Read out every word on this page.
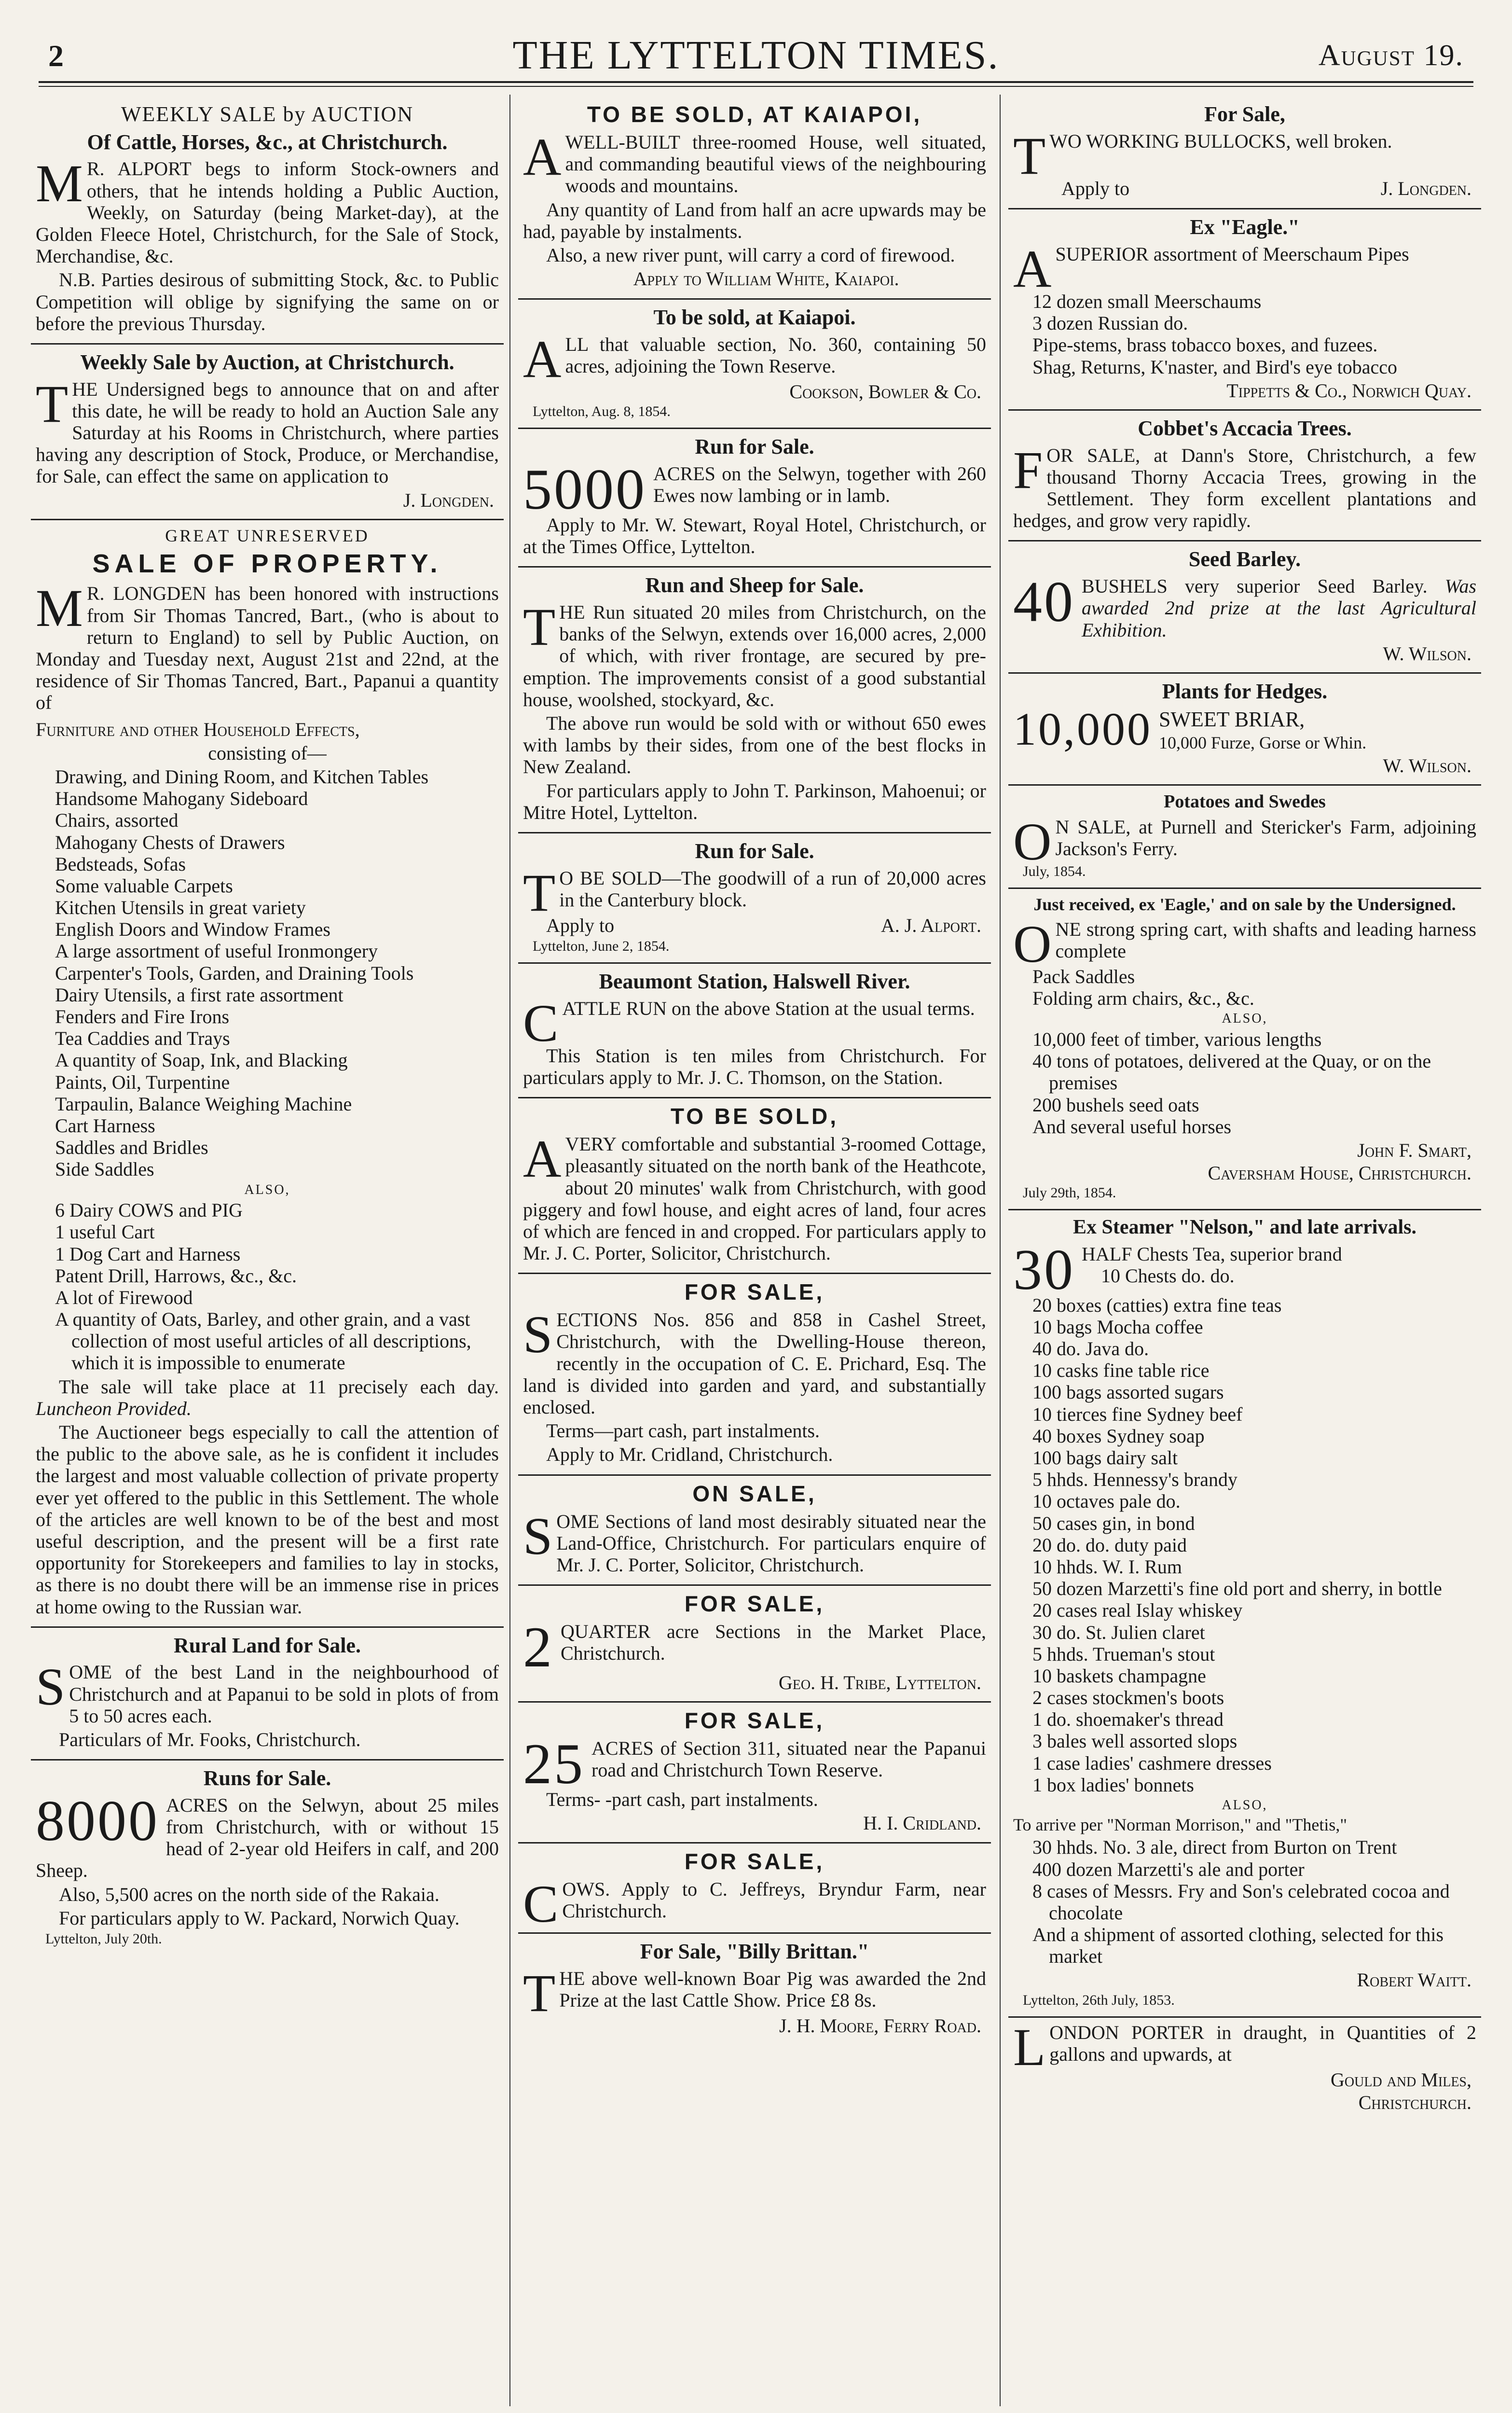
2	THE LYTTELTON TIMES.	August 19.
WEEKLY SALE by AUCTION
Of Cattle, Horses, &c., at Christchurch.

M R. ALPORT begs to inform Stock-owners and others, that he intends holding a Public Auction, Weekly, on Saturday (being Market-day), at the Golden Fleece Hotel, Christchurch, for the Sale of Stock, Merchandise, &c.

N.B. Parties desirous of submitting Stock, &c. to Public Competition will oblige by signifying the same on or before the previous Thursday.

Weekly Sale by Auction, at Christchurch.

THE Undersigned begs to announce that on and after this date, he will be ready to hold an Auction Sale any Saturday at his Rooms in Christchurch, where parties having any description of Stock, Produce, or Merchandise, for Sale, can effect the same on application to

J. Longden.
GREAT UNRESERVED
SALE OF PROPERTY.

M R. LONGDEN has been honored with instructions from Sir Thomas Tancred, Bart., (who is about to return to England) to sell by Public Auction, on Monday and Tuesday next, August 21st and 22nd, at the residence of Sir Thomas Tancred, Bart., Papanui a quantity of

Furniture and other Household Effects,

consisting of—

Drawing, and Dining Room, and Kitchen Tables
Handsome Mahogany Sideboard
Chairs, assorted
Mahogany Chests of Drawers
Bedsteads, Sofas
Some valuable Carpets
Kitchen Utensils in great variety
English Doors and Window Frames
A large assortment of useful Ironmongery
Carpenter's Tools, Garden, and Draining Tools
Dairy Utensils, a first rate assortment
Fenders and Fire Irons
Tea Caddies and Trays
A quantity of Soap, Ink, and Blacking
Paints, Oil, Turpentine
Tarpaulin, Balance Weighing Machine
Cart Harness
Saddles and Bridles
Side Saddles
ALSO,
6 Dairy COWS and PIG
1 useful Cart
1 Dog Cart and Harness
Patent Drill, Harrows, &c., &c.
A lot of Firewood
A quantity of Oats, Barley, and other grain, and a vast collection of most useful articles of all descriptions, which it is impossible to enumerate

The sale will take place at 11 precisely each day. Luncheon Provided.

The Auctioneer begs especially to call the attention of the public to the above sale, as he is confident it includes the largest and most valuable collection of private property ever yet offered to the public in this Settlement. The whole of the articles are well known to be of the best and most useful description, and the present will be a first rate opportunity for Storekeepers and families to lay in stocks, as there is no doubt there will be an immense rise in prices at home owing to the Russian war.

Rural Land for Sale.

SOME of the best Land in the neighbourhood of Christchurch and at Papanui to be sold in plots of from 5 to 50 acres each.

Particulars of Mr. Fooks, Christchurch.

Runs for Sale.

8000 ACRES on the Selwyn, about 25 miles from Christchurch, with or without 15 head of 2-year old Heifers in calf, and 200 Sheep.

Also, 5,500 acres on the north side of the Rakaia.

For particulars apply to W. Packard, Norwich Quay.

Lyttelton, July 20th.
TO BE SOLD, AT KAIAPOI,

AWELL-BUILT three-roomed House, well situated, and commanding beautiful views of the neighbouring woods and mountains.

Any quantity of Land from half an acre upwards may be had, payable by instalments.

Also, a new river punt, will carry a cord of firewood.

Apply to William White, Kaiapoi.

To be sold, at Kaiapoi.

ALL that valuable section, No. 360, containing 50 acres, adjoining the Town Reserve.

Cookson, Bowler & Co.
Lyttelton, Aug. 8, 1854.
Run for Sale.

5000 ACRES on the Selwyn, together with 260 Ewes now lambing or in lamb.

Apply to Mr. W. Stewart, Royal Hotel, Christchurch, or at the Times Office, Lyttelton.

Run and Sheep for Sale.

THE Run situated 20 miles from Christchurch, on the banks of the Selwyn, extends over 16,000 acres, 2,000 of which, with river frontage, are secured by pre-emption. The improvements consist of a good substantial house, woolshed, stockyard, &c.

The above run would be sold with or without 650 ewes with lambs by their sides, from one of the best flocks in New Zealand.

For particulars apply to John T. Parkinson, Mahoenui; or Mitre Hotel, Lyttelton.

Run for Sale.

T O BE SOLD—The goodwill of a run of 20,000 acres in the Canterbury block.

Apply to	A. J. Alport.

Lyttelton, June 2, 1854.
Beaumont Station, Halswell River.

CATTLE RUN on the above Station at the usual terms.

This Station is ten miles from Christchurch. For particulars apply to Mr. J. C. Thomson, on the Station.

TO BE SOLD,

AVERY comfortable and substantial 3-roomed Cottage, pleasantly situated on the north bank of the Heathcote, about 20 minutes' walk from Christchurch, with good piggery and fowl house, and eight acres of land, four acres of which are fenced in and cropped. For particulars apply to Mr. J. C. Porter, Solicitor, Christchurch.

FOR SALE,

SECTIONS Nos. 856 and 858 in Cashel Street, Christchurch, with the Dwelling-House thereon, recently in the occupation of C. E. Prichard, Esq. The land is divided into garden and yard, and substantially enclosed.

Terms—part cash, part instalments.

Apply to Mr. Cridland, Christchurch.

ON SALE,

SOME Sections of land most desirably situated near the Land-Office, Christchurch. For particulars enquire of Mr. J. C. Porter, Solicitor, Christchurch.

FOR SALE,

2 QUARTER acre Sections in the Market Place, Christchurch.

Geo. H. Tribe, Lyttelton.
FOR SALE,

25 ACRES of Section 311, situated near the Papanui road and Christchurch Town Reserve.

Terms- -part cash, part instalments.

H. I. Cridland.
FOR SALE,

COWS. Apply to C. Jeffreys, Bryndur Farm, near Christchurch.

For Sale, "Billy Brittan."

THE above well-known Boar Pig was awarded the 2nd Prize at the last Cattle Show. Price £8 8s.

J. H. Moore, Ferry Road.
For Sale,

TWO WORKING BULLOCKS, well broken.

Apply to	J. Longden.

Ex "Eagle."

ASUPERIOR assortment of Meerschaum Pipes

12 dozen small Meerschaums
3 dozen Russian do.
Pipe-stems, brass tobacco boxes, and fuzees.
Shag, Returns, K'naster, and Bird's eye tobacco
Tippetts & Co., Norwich Quay.
Cobbet's Accacia Trees.

FOR SALE, at Dann's Store, Christchurch, a few thousand Thorny Accacia Trees, growing in the Settlement. They form excellent plantations and hedges, and grow very rapidly.

Seed Barley.

40 BUSHELS very superior Seed Barley. Was awarded 2nd prize at the last Agricultural Exhibition.

W. Wilson.
Plants for Hedges.

10,000 SWEET BRIAR,

10,000 Furze, Gorse or Whin.

W. Wilson.
Potatoes and Swedes

O N SALE, at Purnell and Stericker's Farm, adjoining Jackson's Ferry.

July, 1854.
Just received, ex 'Eagle,' and on sale by the Undersigned.

ONE strong spring cart, with shafts and leading harness complete

Pack Saddles
Folding arm chairs, &c., &c.
ALSO,
10,000 feet of timber, various lengths
40 tons of potatoes, delivered at the Quay, or on the premises
200 bushels seed oats
And several useful horses
John F. Smart,
Caversham House, Christchurch.
July 29th, 1854.
Ex Steamer "Nelson," and late arrivals.

30 HALF Chests Tea, superior brand
10 Chests do. do.

20 boxes (catties) extra fine teas
10 bags Mocha coffee
40 do. Java do.
10 casks fine table rice
100 bags assorted sugars
10 tierces fine Sydney beef
40 boxes Sydney soap
100 bags dairy salt
5 hhds. Hennessy's brandy
10 octaves pale do.
50 cases gin, in bond
20 do. do. duty paid
10 hhds. W. I. Rum
50 dozen Marzetti's fine old port and sherry, in bottle
20 cases real Islay whiskey
30 do. St. Julien claret
5 hhds. Trueman's stout
10 baskets champagne
2 cases stockmen's boots
1 do. shoemaker's thread
3 bales well assorted slops
1 case ladies' cashmere dresses
1 box ladies' bonnets
ALSO,

To arrive per "Norman Morrison," and "Thetis,"

30 hhds. No. 3 ale, direct from Burton on Trent
400 dozen Marzetti's ale and porter
8 cases of Messrs. Fry and Son's celebrated cocoa and chocolate
And a shipment of assorted clothing, selected for this market
Robert Waitt.
Lyttelton, 26th July, 1853.

LONDON PORTER in draught, in Quantities of 2 gallons and upwards, at

Gould and Miles,
Christchurch.
